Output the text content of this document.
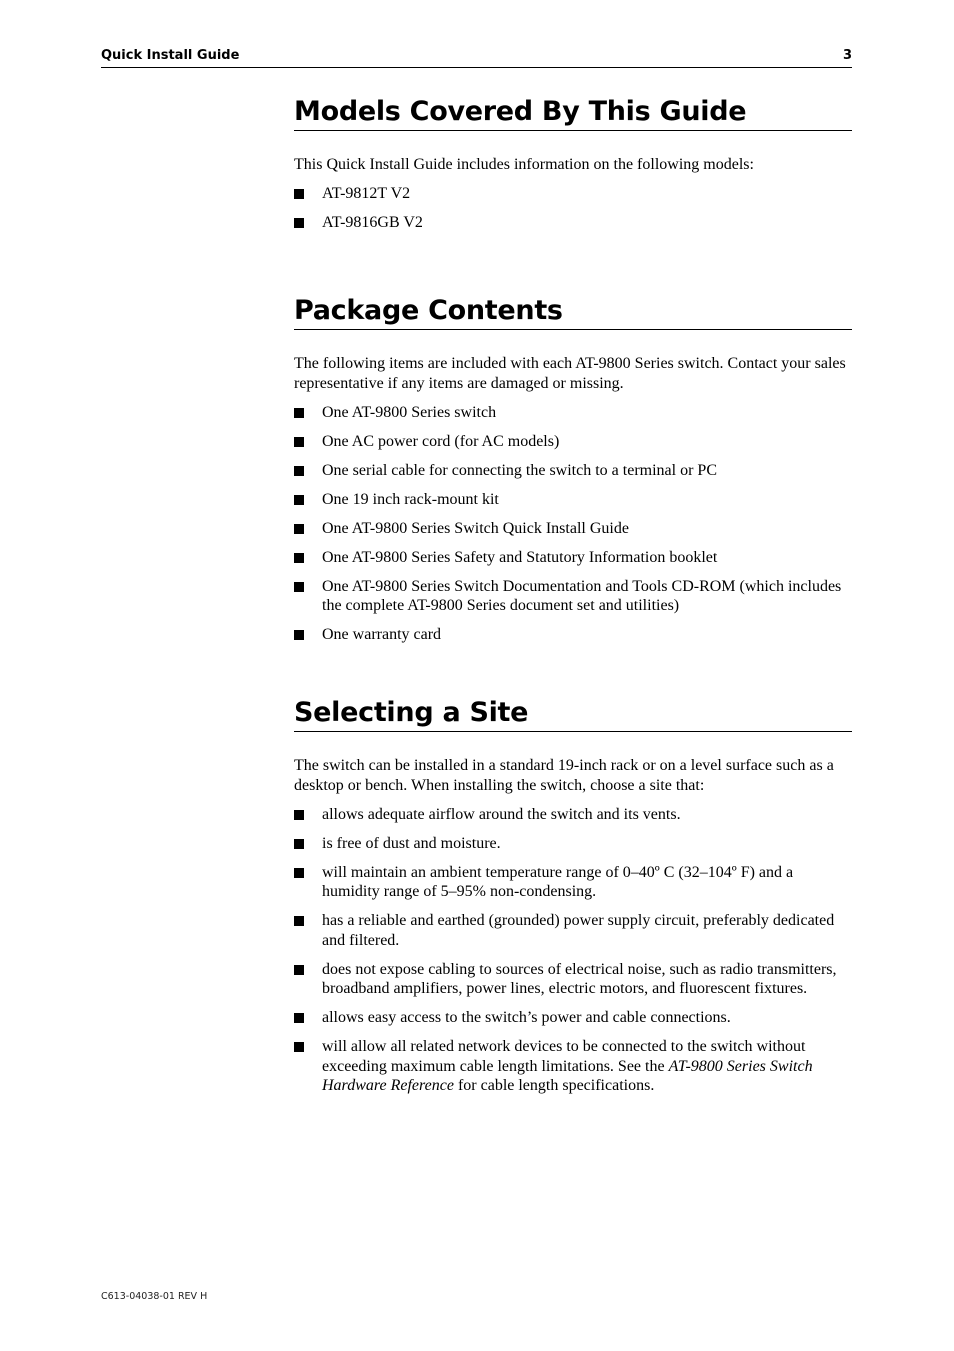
Quick Install Guide	3
Models Covered By This Guide

This Quick Install Guide includes information on the following models:

AT-9812T V2
AT-9816GB V2
Package Contents

The following items are included with each AT-9800 Series switch. Contact your sales representative if any items are damaged or missing.

One AT-9800 Series switch
One AC power cord (for AC models)
One serial cable for connecting the switch to a terminal or PC
One 19 inch rack-mount kit
One AT-9800 Series Switch Quick Install Guide
One AT-9800 Series Safety and Statutory Information booklet
One AT-9800 Series Switch Documentation and Tools CD-ROM (which includes the complete AT-9800 Series document set and utilities)
One warranty card
Selecting a Site

The switch can be installed in a standard 19-inch rack or on a level surface such as a desktop or bench. When installing the switch, choose a site that:

allows adequate airflow around the switch and its vents.
is free of dust and moisture.
will maintain an ambient temperature range of 0–40º C (32–104º F) and a humidity range of 5–95% non-condensing.
has a reliable and earthed (grounded) power supply circuit, preferably dedicated and filtered.
does not expose cabling to sources of electrical noise, such as radio transmitters, broadband amplifiers, power lines, electric motors, and fluorescent fixtures.
allows easy access to the switch’s power and cable connections.
will allow all related network devices to be connected to the switch without exceeding maximum cable length limitations. See the AT-9800 Series Switch Hardware Reference for cable length specifications.
C613-04038-01 REV H
